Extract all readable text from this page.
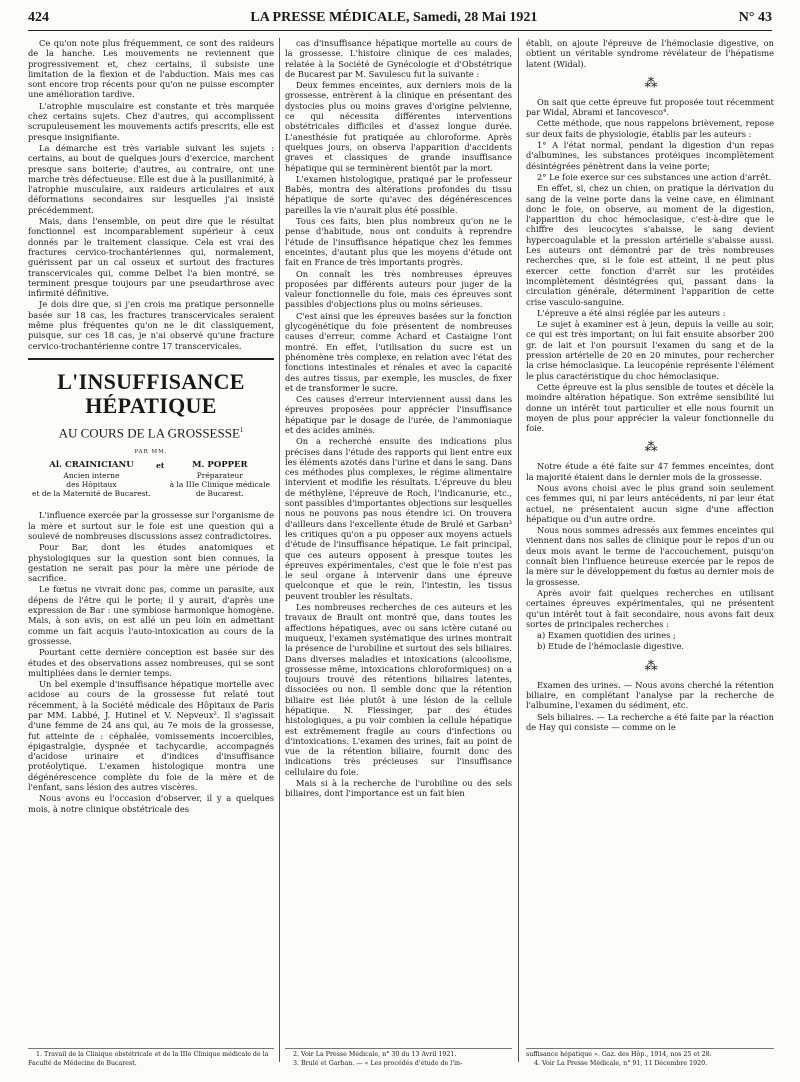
424	LA PRESSE MÉDICALE, Samedi, 28 Mai 1921	N° 43

Ce qu'on note plus fréquemment, ce sont des raideurs de la hanche. Les mouvements ne reviennent que progressivement et, chez certains, il subsiste une limitation de la flexion et de l'abduction. Mais mes cas sont encore trop récents pour qu'on ne puisse escompter une amélioration tardive.

L'atrophie musculaire est constante et très marquée chez certains sujets. Chez d'autres, qui accomplissent scrupuleusement les mouvements actifs prescrits, elle est presque insignifiante.

La démarche est très variable suivant les sujets : certains, au bout de quelques jours d'exercice, marchent presque sans boiterie; d'autres, au contraire, ont une marche très défectueuse. Elle est due à la pusillanimité, à l'atrophie musculaire, aux raideurs articulaires et aux déformations secondaires sur lesquelles j'ai insisté précédemment.

Mais, dans l'ensemble, on peut dire que le résultat fonctionnel est incomparablement supérieur à ceux donnés par le traitement classique. Cela est vrai des fractures cervico-trochantériennes qui, normalement, guérissent par un cal osseux et surtout des fractures transcervicales qui, comme Delbet l'a bien montré, se terminent presque toujours par une pseudarthrose avec infirmité définitive.

Je dois dire que, si j'en crois ma pratique personnelle basée sur 18 cas, les fractures transcervicales seraient même plus fréquentes qu'on ne le dit classiquement, puisque, sur ces 18 cas, je n'ai observé qu'une fracture cervico-trochantérienne contre 17 transcervicales.

L'INSUFFISANCE HÉPATIQUE
AU COURS DE LA GROSSESSE$^1$
PAR MM.
Al. CRAINICIANU
Ancien interne
des Hôpitaux
et de la Maternité de Bucarest.
et	M. POPPER
Préparateur
à la IIIe Clinique médicale
de Bucarest.

L'influence exercée par la grossesse sur l'organisme de la mère et surtout sur le foie est une question qui a soulevé de nombreuses discussions assez contradictoires.

Pour Bar, dont les études anatomiques et physiologiques sur la question sont bien connues, la gestation ne serait pas pour la mère une période de sacrifice.

Le fœtus ne vivrait donc pas, comme un parasite, aux dépens de l'être qui le porte; il y aurait, d'après une expression de Bar : une symbiose harmonique homogène. Mais, à son avis, on est allé un peu loin en admettant comme un fait acquis l'auto-intoxication au cours de la grossesse.

Pourtant cette dernière conception est basée sur des études et des observations assez nombreuses, qui se sont multipliées dans le dernier temps.

Un bel exemple d'insuffisance hépatique mortelle avec acidose au cours de la grossesse fut relaté tout récemment, à la Société médicale des Hôpitaux de Paris par MM. Labbé, J. Hutinel et V. Nepveux². Il s'agissait d'une femme de 24 ans qui, au 7e mois de la grossesse, fut atteinte de : céphalée, vomissements incoercibles, épigastralgie, dyspnée et tachycardie, accompagnés d'acidose urinaire et d'indices d'insuffisance protéolytique. L'examen histologique montra une dégénérescence complète du foie de la mère et de l'enfant, sans lésion des autres viscères.

Nous avons eu l'occasion d'observer, il y a quelques mois, à notre clinique obstétricale des

cas d'insuffisance hépatique mortelle au cours de la grossesse. L'histoire clinique de ces malades, relatée à la Société de Gynécologie et d'Obstétrique de Bucarest par M. Savulescu fut la suivante :

Deux femmes enceintes, aux derniers mois de la grossesse, entrèrent à la clinique en présentant des dystocies plus ou moins graves d'origine pelvienne, ce qui nécessita différentes interventions obstétricales difficiles et d'assez longue durée. L'anesthésie fut pratiquée au chloroforme. Après quelques jours, on observa l'apparition d'accidents graves et classiques de grande insuffisance hépatique qui se terminèrent bientôt par la mort.

L'examen histologique, pratiqué par le professeur Babès, montra des altérations profondes du tissu hépatique de sorte qu'avec des dégénérescences pareilles la vie n'aurait plus été possible.

Tous ces faits, bien plus nombreux qu'on ne le pense d'habitude, nous ont conduits à reprendre l'étude de l'insuffisance hépatique chez les femmes enceintes, d'autant plus que les moyens d'étude ont fait en France de très importants progrès.

On connaît les très nombreuses épreuves proposées par différents auteurs pour juger de la valeur fonctionnelle du foie, mais ces épreuves sont passibles d'objections plus ou moins sérieuses.

C'est ainsi que les épreuves basées sur la fonction glycogénétique du foie présentent de nombreuses causes d'erreur, comme Achard et Castaigne l'ont montré. En effet, l'utilisation du sucre est un phénomène très complexe, en relation avec l'état des fonctions intestinales et rénales et avec la capacité des autres tissus, par exemple, les muscles, de fixer et de transformer le sucre.

Ces causes d'erreur interviennent aussi dans les épreuves proposées pour apprécier l'insuffisance hépatique par le dosage de l'urée, de l'ammoniaque et des acides aminés.

On a recherché ensuite des indications plus précises dans l'étude des rapports qui lient entre eux les éléments azotés dans l'urine et dans le sang. Dans ces méthodes plus complexes, le régime alimentaire intervient et modifie les résultats. L'épreuve du bleu de méthylène, l'épreuve de Roch, l'indicanurie, etc., sont passibles d'importantes objections sur lesquelles nous ne pouvons pas nous étendre ici. On trouvera d'ailleurs dans l'excellente étude de Brulé et Garban³ les critiques qu'on a pu opposer aux moyens actuels d'étude de l'insuffisance hépatique. Le fait principal, que ces auteurs opposent à presque toutes les épreuves expérimentales, c'est que le foie n'est pas le seul organe à intervenir dans une épreuve quelconque et que le rein, l'intestin, les tissus peuvent troubler les résultats.

Les nombreuses recherches de ces auteurs et les travaux de Brault ont montré que, dans toutes les affections hépatiques, avec ou sans ictère cutané ou muqueux, l'examen systématique des urines montrait la présence de l'urobiline et surtout des sels biliaires. Dans diverses maladies et intoxications (alcoolisme, grossesse même, intoxications chloroformiques) on a toujours trouvé des rétentions biliaires latentes, dissociées ou non. Il semble donc que la rétention biliaire est liée plutôt à une lésion de la cellule hépatique. N. Fiessinger, par des études histologiques, a pu voir combien la cellule hépatique est extrêmement fragile au cours d'infections ou d'intoxications. L'examen des urines, fait au point de vue de la rétention biliaire, fournit donc des indications très précieuses sur l'insuffisance cellulaire du foie.

Mais si à la recherche de l'urobiline ou des sels biliaires, dont l'importance est un fait bien

établi, on ajoute l'épreuve de l'hémoclasie digestive, on obtient un véritable syndrome révélateur de l'hépatisme latent (Widal).

⁂

On sait que cette épreuve fut proposée tout récemment par Widal, Abrami et Iancovesco⁴.

Cette méthode, que nous rappelons brièvement, repose sur deux faits de physiologie, établis par les auteurs :

1° A l'état normal, pendant la digestion d'un repas d'albumines, les substances protéiques incomplètement désintégrées pénètrent dans la veine porte;

2° Le foie exerce sur ces substances une action d'arrêt.

En effet, si, chez un chien, on pratique la dérivation du sang de la veine porte dans la veine cave, en éliminant donc le foie, on observe, au moment de la digestion, l'apparition du choc hémoclasique, c'est-à-dire que le chiffre des leucocytes s'abaisse, le sang devient hypercoagulable et la pression artérielle s'abaisse aussi. Les auteurs ont démontré par de très nombreuses recherches que, si le foie est atteint, il ne peut plus exercer cette fonction d'arrêt sur les protéides incomplètement désintégrées qui, passant dans la circulation générale, déterminent l'apparition de cette crise vasculo-sanguine.

L'épreuve a été ainsi réglée par les auteurs :

Le sujet à examiner est à jeun, depuis la veille au soir, ce qui est très important; on lui fait ensuite absorber 200 gr. de lait et l'on poursuit l'examen du sang et de la pression artérielle de 20 en 20 minutes, pour rechercher la crise hémoclasique. La leucopénie représente l'élément le plus caractéristique du choc hémoclasique.

Cette épreuve est la plus sensible de toutes et décèle la moindre altération hépatique. Son extrême sensibilité lui donne un intérêt tout particulier et elle nous fournit un moyen de plus pour apprécier la valeur fonctionnelle du foie.

⁂

Notre étude a été faite sur 47 femmes enceintes, dont la majorité étaient dans le dernier mois de la grossesse.

Nous avons choisi avec le plus grand soin seulement ces femmes qui, ni par leurs antécédents, ni par leur état actuel, ne présentaient aucun signe d'une affection hépatique ou d'un autre ordre.

Nous nous sommes adressés aux femmes enceintes qui viennent dans nos salles de clinique pour le repos d'un ou deux mois avant le terme de l'accouchement, puisqu'on connaît bien l'influence heureuse exercée par le repos de la mère sur le développement du fœtus au dernier mois de la grossesse.

Après avoir fait quelques recherches en utilisant certaines épreuves expérimentales, qui ne présentent qu'un intérêt tout à fait secondaire, nous avons fait deux sortes de principales recherches :

a) Examen quotidien des urines ;

b) Etude de l'hémoclasie digestive.

⁂

Examen des urines. — Nous avons cherché la rétention biliaire, en complétant l'analyse par la recherche de l'albumine, l'examen du sédiment, etc.

Sels biliaires. — La recherche a été faite par la réaction de Hay qui consiste — comme on le

1. Travail de la Clinique obstétricale et de la IIIe Clinique médicale de la Faculté de Médecine de Bucarest.
2. Voir La Presse Médicale, n° 30 du 13 Avril 1921.
3. Brulé et Garban. — « Les procédés d'étude de l'in-
suffisance hépatique ». Gaz. des Hôp., 1914, nos 25 et 28.
4. Voir La Presse Médicale, n° 91, 11 Décembre 1920.
